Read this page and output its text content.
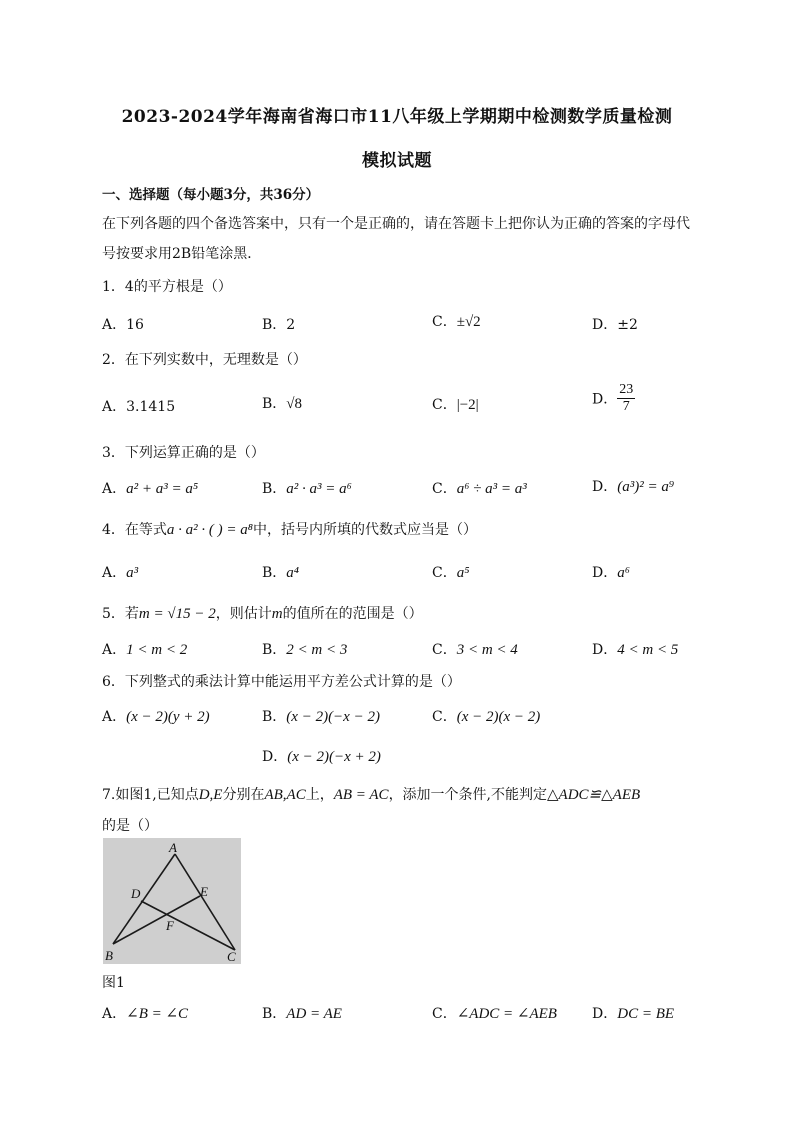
2023-2024学年海南省海口市11八年级上学期期中检测数学质量检测
模拟试题
一、选择题（每小题3分，共36分）
在下列各题的四个备选答案中，只有一个是正确的，请在答题卡上把你认为正确的答案的字母代
号按要求用2B铅笔涂黑．
1．4的平方根是（）
A．16	B．2	C．±√2	D．±2
2．在下列实数中，无理数是（）
A．3.1415	B．√8	C．|−2|	D． $\frac{23}{7}$
3．下列运算正确的是（）
A．a² + a³ = a⁵	B．a² · a³ = a⁶	C．a⁶ ÷ a³ = a³	D．(a³)² = a⁹
4．在等式a · a² · ( ) = a⁸中，括号内所填的代数式应当是（）
A．a³	B．a⁴	C．a⁵	D．a⁶
5．若m = √15 − 2，则估计m的值所在的范围是（）
A．1 < m < 2	B．2 < m < 3	C．3 < m < 4	D．4 < m < 5
6．下列整式的乘法计算中能运用平方差公式计算的是（）
A．(x − 2)(y + 2)	B．(x − 2)(−x − 2)	C．(x − 2)(x − 2)
D．(x − 2)(−x + 2)
7.如图1,已知点D,E分别在AB,AC上，AB = AC，添加一个条件,不能判定△ADC≌△AEB
的是（）
A
B	C
D	E
F
图1
A．∠B = ∠C	B．AD = AE	C．∠ADC = ∠AEB	D．DC = BE
